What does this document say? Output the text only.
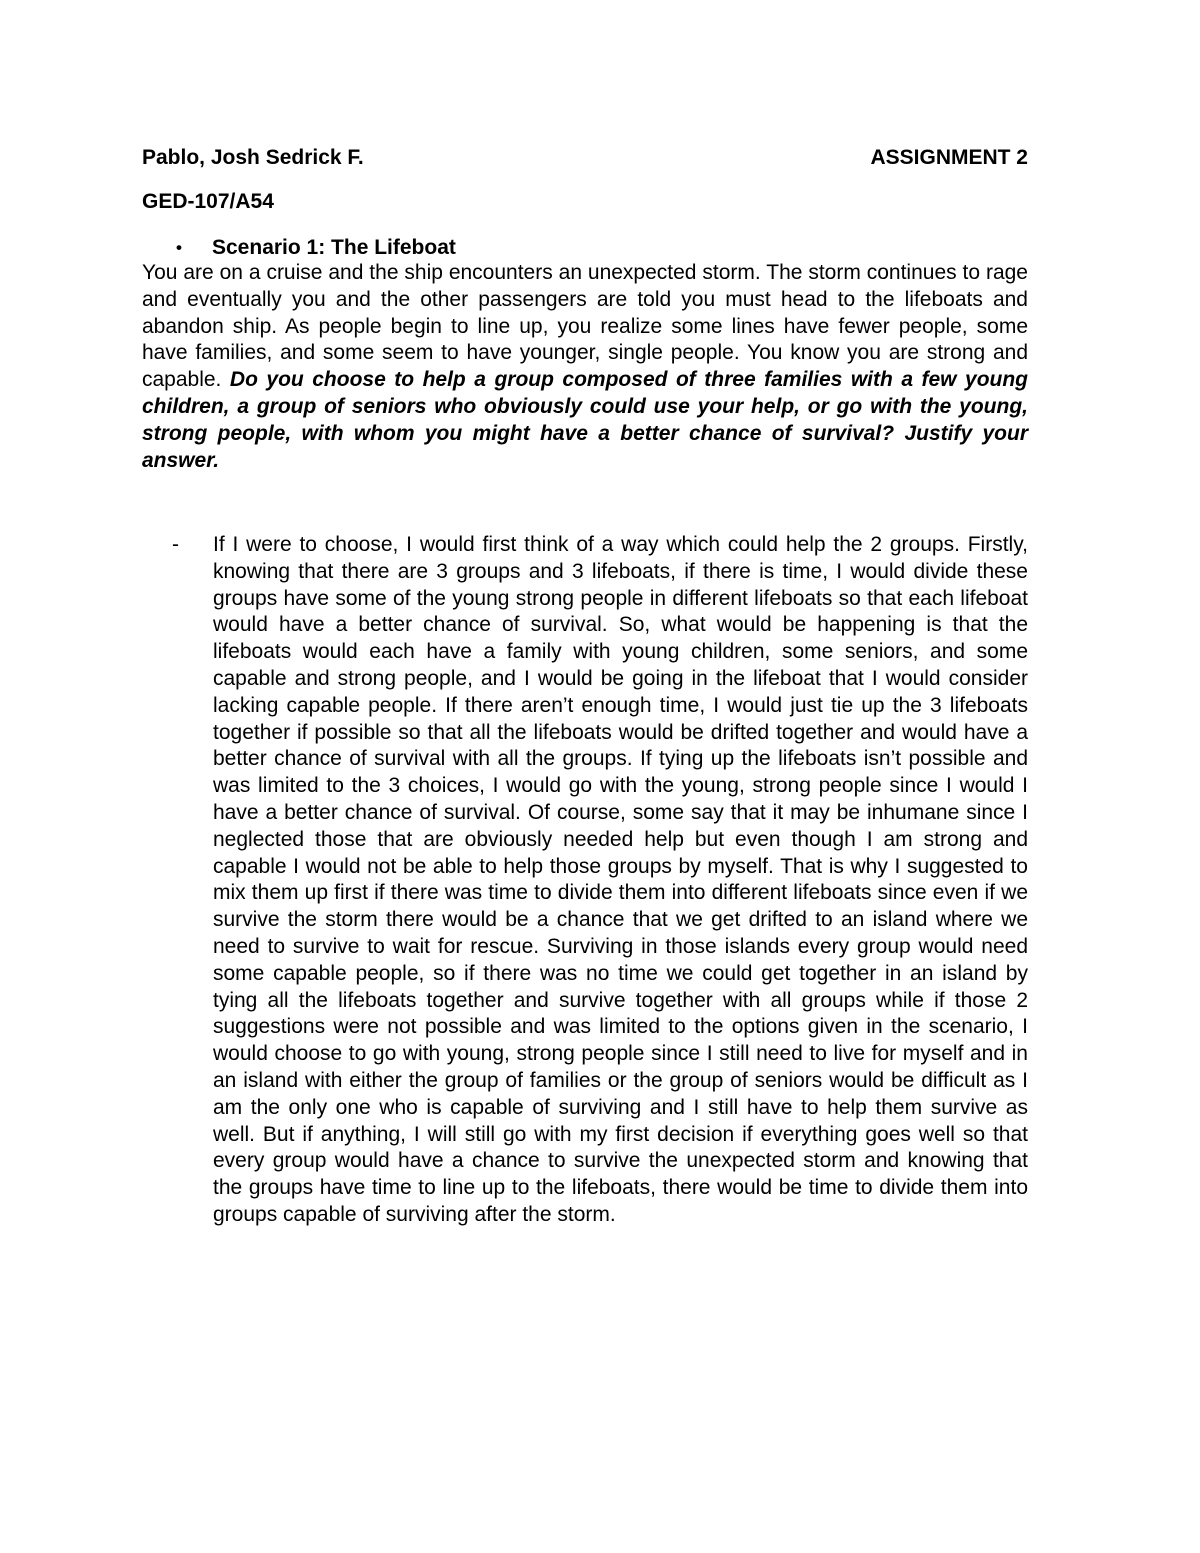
Pablo, Josh Sedrick F.	ASSIGNMENT 2
GED-107/A54
• Scenario 1: The Lifeboat

You are on a cruise and the ship encounters an unexpected storm. The storm continues to rage and eventually you and the other passengers are told you must head to the lifeboats and abandon ship. As people begin to line up, you realize some lines have fewer people, some have families, and some seem to have younger, single people. You know you are strong and capable. Do you choose to help a group composed of three families with a few young children, a group of seniors who obviously could use your help, or go with the young, strong people, with whom you might have a better chance of survival? Justify your answer.

- If I were to choose, I would first think of a way which could help the 2 groups. Firstly, knowing that there are 3 groups and 3 lifeboats, if there is time, I would divide these groups have some of the young strong people in different lifeboats so that each lifeboat would have a better chance of survival. So, what would be happening is that the lifeboats would each have a family with young children, some seniors, and some capable and strong people, and I would be going in the lifeboat that I would consider lacking capable people. If there aren’t enough time, I would just tie up the 3 lifeboats together if possible so that all the lifeboats would be drifted together and would have a better chance of survival with all the groups. If tying up the lifeboats isn’t possible and was limited to the 3 choices, I would go with the young, strong people since I would I have a better chance of survival. Of course, some say that it may be inhumane since I neglected those that are obviously needed help but even though I am strong and capable I would not be able to help those groups by myself. That is why I suggested to mix them up first if there was time to divide them into different lifeboats since even if we survive the storm there would be a chance that we get drifted to an island where we need to survive to wait for rescue. Surviving in those islands every group would need some capable people, so if there was no time we could get together in an island by tying all the lifeboats together and survive together with all groups while if those 2 suggestions were not possible and was limited to the options given in the scenario, I would choose to go with young, strong people since I still need to live for myself and in an island with either the group of families or the group of seniors would be difficult as I am the only one who is capable of surviving and I still have to help them survive as well. But if anything, I will still go with my first decision if everything goes well so that every group would have a chance to survive the unexpected storm and knowing that the groups have time to line up to the lifeboats, there would be time to divide them into groups capable of surviving after the storm.
